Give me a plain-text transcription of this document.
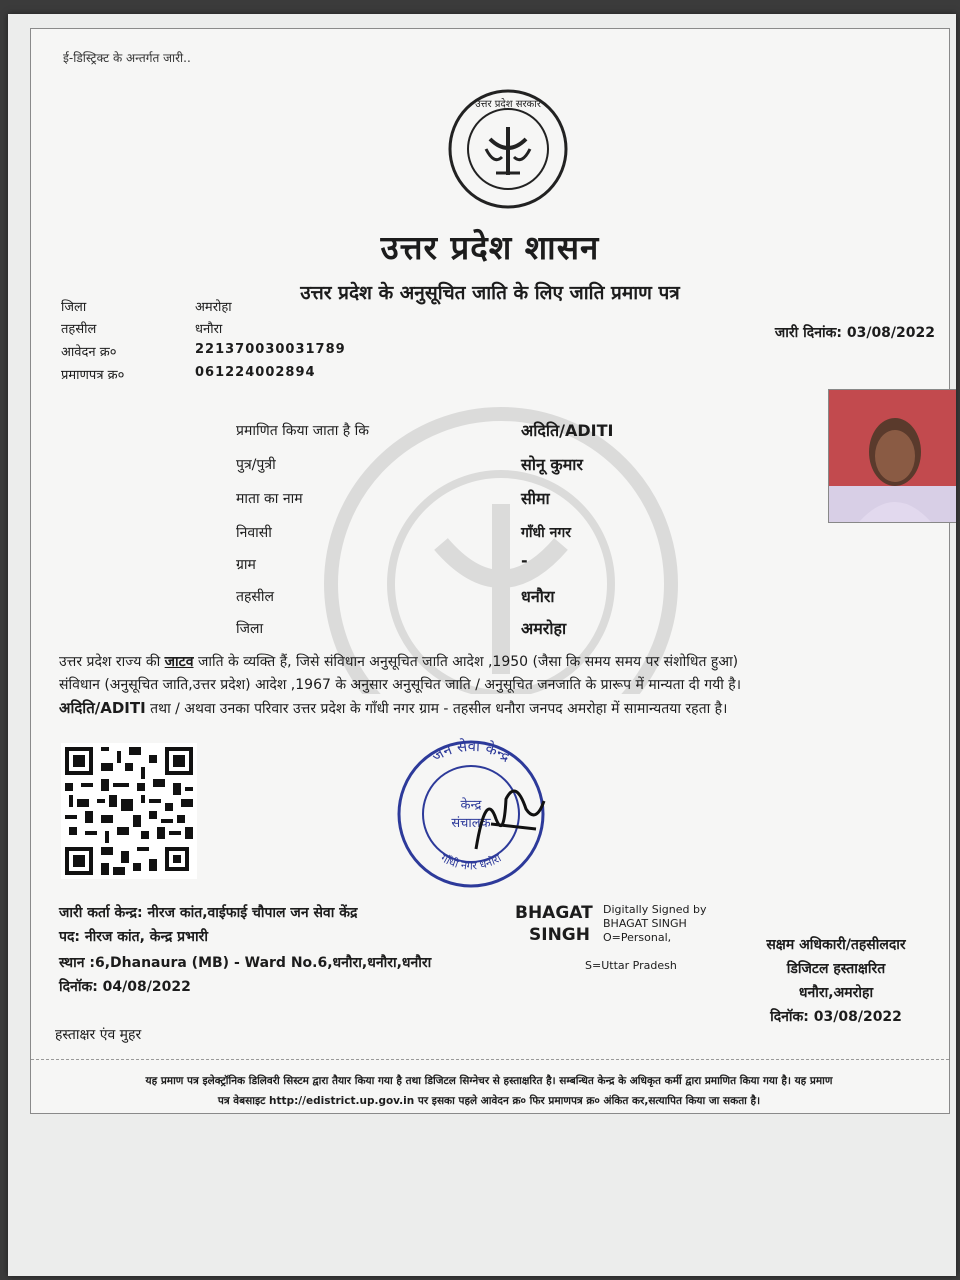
ई-डिस्ट्रिक्ट के अन्तर्गत जारी..
उत्तर प्रदेश सरकार
उत्तर प्रदेश शासन
उत्तर प्रदेश के अनुसूचित जाति के लिए जाति प्रमाण पत्र
जिला	अमरोहा
तहसील	धनौरा
आवेदन क्र०	221370030031789
प्रमाणपत्र क्र०	061224002894
जारी दिनांक: 03/08/2022
प्रमाणित किया जाता है कि	अदिति/ADITI
पुत्र/पुत्री	सोनू कुमार
माता का नाम	सीमा
निवासी	गाँधी नगर
ग्राम	-
तहसील	धनौरा
जिला	अमरोहा
उत्तर प्रदेश राज्य की जाटव जाति के व्यक्ति हैं, जिसे संविधान अनुसूचित जाति आदेश ,1950 (जैसा कि समय समय पर संशोधित हुआ)
संविधान (अनुसूचित जाति,उत्तर प्रदेश) आदेश ,1967 के अनुसार अनुसूचित जाति / अनुसूचित जनजाति के प्रारूप में मान्यता दी गयी है।
अदिति/ADITI तथा / अथवा उनका परिवार उत्तर प्रदेश के गाँधी नगर ग्राम - तहसील धनौरा जनपद अमरोहा में सामान्यतया रहता है।
जन सेवा केन्द्र
गाँधी नगर धनौरा
केन्द्र
संचालक
जारी कर्ता केन्द्र: नीरज कांत,वाईफाई चौपाल जन सेवा केंद्र
पद: नीरज कांत, केन्द्र प्रभारी
स्थान :6,Dhanaura (MB) - Ward No.6,धनौरा,धनौरा,धनौरा
दिनॉक: 04/08/2022
BHAGAT
SINGH
Digitally Signed by
BHAGAT SINGH
O=Personal,
S=Uttar Pradesh
सक्षम अधिकारी/तहसीलदार
डिजिटल हस्ताक्षरित
धनौरा,अमरोहा
दिनॉक: 03/08/2022
हस्ताक्षर एंव मुहर
यह प्रमाण पत्र इलेक्ट्रॉनिक डिलिवरी सिस्टम द्वारा तैयार किया गया है तथा डिजिटल सिग्नेचर से हस्ताक्षरित है। सम्बन्धित केन्द्र के अधिकृत कर्मी द्वारा प्रमाणित किया गया है। यह प्रमाण
पत्र वेबसाइट http://edistrict.up.gov.in पर इसका पहले आवेदन क्र० फिर प्रमाणपत्र क्र० अंकित कर,सत्यापित किया जा सकता है।
